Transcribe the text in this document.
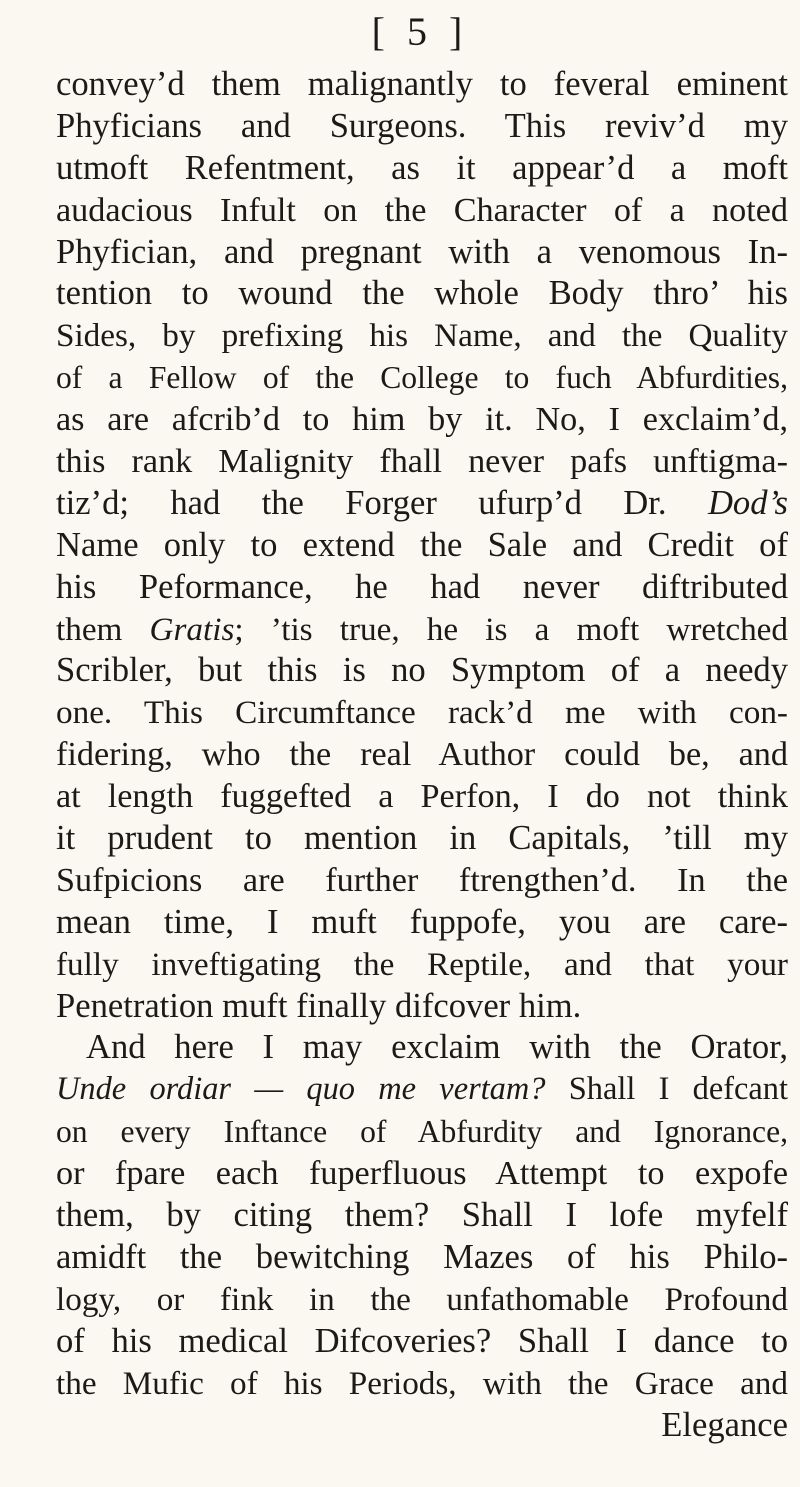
[ 5 ]
convey’d them malignantly to feveral eminent
Phyficians and Surgeons. This reviv’d my
utmoft Refentment, as it appear’d a moft
audacious Infult on the Character of a noted
Phyfician, and pregnant with a venomous In-
tention to wound the whole Body thro’ his
Sides, by prefixing his Name, and the Quality
of a Fellow of the College to fuch Abfurdities,
as are afcrib’d to him by it. No, I exclaim’d,
this rank Malignity fhall never pafs unftigma-
tiz’d; had the Forger ufurp’d Dr. Dod’s
Name only to extend the Sale and Credit of
his Peformance, he had never diftributed
them Gratis; ’tis true, he is a moft wretched
Scribler, but this is no Symptom of a needy
one. This Circumftance rack’d me with con-
fidering, who the real Author could be, and
at length fuggefted a Perfon, I do not think
it prudent to mention in Capitals, ’till my
Sufpicions are further ftrengthen’d. In the
mean time, I muft fuppofe, you are care-
fully inveftigating the Reptile, and that your
Penetration muft finally difcover him.
And here I may exclaim with the Orator,
Unde ordiar — quo me vertam? Shall I defcant
on every Inftance of Abfurdity and Ignorance,
or fpare each fuperfluous Attempt to expofe
them, by citing them? Shall I lofe myfelf
amidft the bewitching Mazes of his Philo-
logy, or fink in the unfathomable Profound
of his medical Difcoveries? Shall I dance to
the Mufic of his Periods, with the Grace and
Elegance
